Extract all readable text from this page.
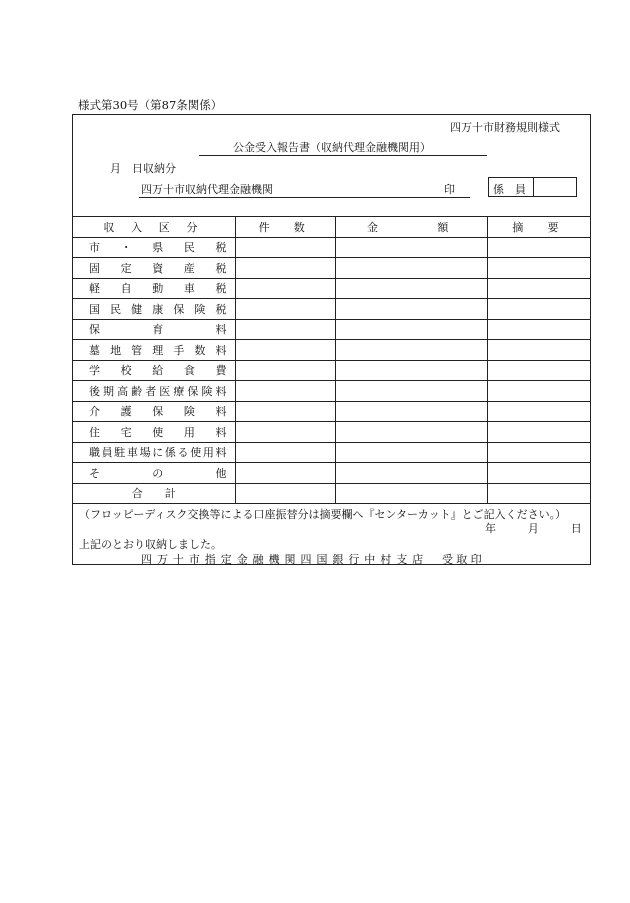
様式第30号（第87条関係）
四万十市財務規則様式
公金受入報告書（収納代理金融機関用）
月　日収納分
四万十市収納代理金融機関	印	係　員
収 入 区 分	件　数	金　　　額	摘　要
市・県民税			
固定資産税			
軽自動車税			
国民健康保険税			
保育料			
墓地管理手数料			
学校給食費			
後期高齢者医療保険料			
介護保険料			
住宅使用料			
職員駐車場に係る使用料			
その他			
合　　計			
（フロッピーディスク交換等による口座振替分は摘要欄へ『センターカット』とご記入ください。）
年　　月　　日
上記のとおり収納しました。
四万十市指定金融機関四国銀行中村支店 受取印
